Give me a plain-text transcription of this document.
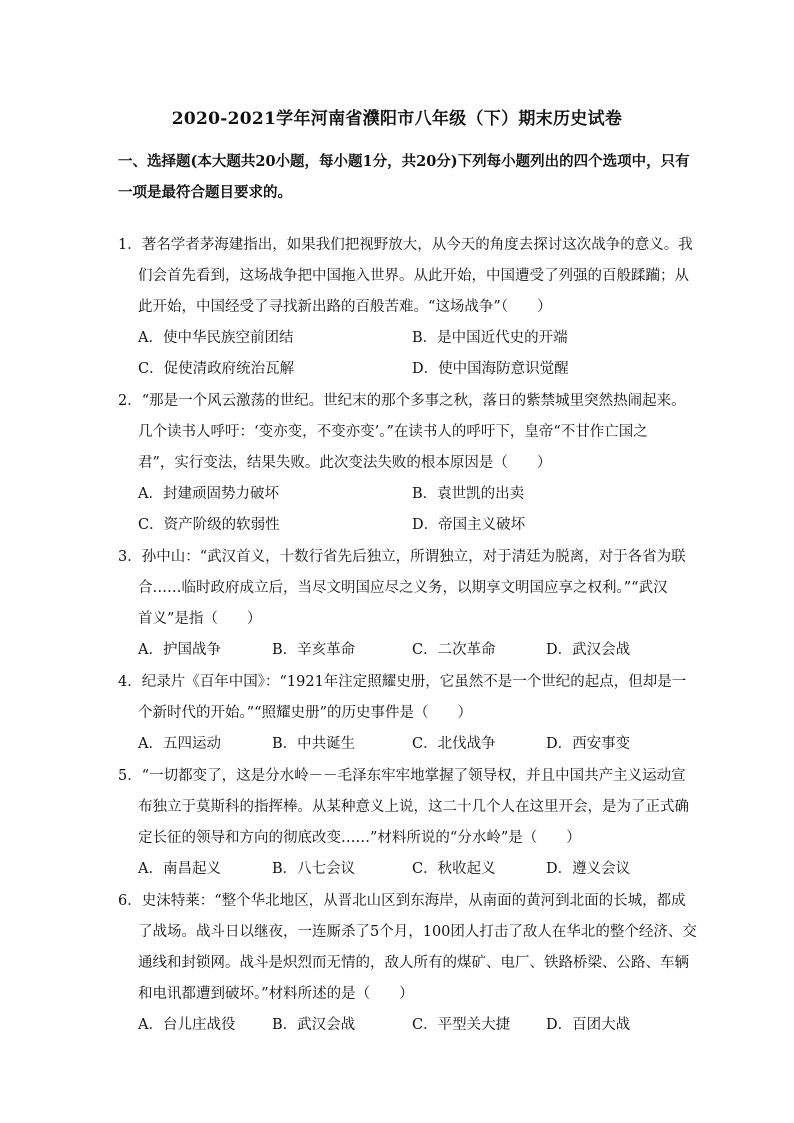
2020-2021学年河南省濮阳市八年级（下）期末历史试卷
一、选择题(本大题共20小题，每小题1分，共20分)下列每小题列出的四个选项中，只有
一项是最符合题目要求的。
1．著名学者茅海建指出，如果我们把视野放大，从今天的角度去探讨这次战争的意义。我
们会首先看到，这场战争把中国拖入世界。从此开始，中国遭受了列强的百般蹂躏；从
此开始，中国经受了寻找新出路的百般苦难。“这场战争”（　　）
A．使中华民族空前团结	B．是中国近代史的开端
C．促使清政府统治瓦解	D．使中国海防意识觉醒
2．“那是一个风云激荡的世纪。世纪末的那个多事之秋，落日的紫禁城里突然热闹起来。
几个读书人呼吁：‘变亦变，不变亦变’。”在读书人的呼吁下，皇帝“不甘作亡国之
君”，实行变法，结果失败。此次变法失败的根本原因是（　　）
A．封建顽固势力破坏	B．袁世凯的出卖
C．资产阶级的软弱性	D．帝国主义破坏
3．孙中山：“武汉首义，十数行省先后独立，所谓独立，对于清廷为脱离，对于各省为联
合……临时政府成立后，当尽文明国应尽之义务，以期享文明国应享之权利。”“武汉
首义”是指（　　）
A．护国战争	B．辛亥革命	C．二次革命	D．武汉会战
4．纪录片《百年中国》：“1921年注定照耀史册，它虽然不是一个世纪的起点，但却是一
个新时代的开始。”“照耀史册”的历史事件是（　　）
A．五四运动	B．中共诞生	C．北伐战争	D．西安事变
5．“一切都变了，这是分水岭－－毛泽东牢牢地掌握了领导权，并且中国共产主义运动宣
布独立于莫斯科的指挥棒。从某种意义上说，这二十几个人在这里开会，是为了正式确
定长征的领导和方向的彻底改变……”材料所说的“分水岭”是（　　）
A．南昌起义	B．八七会议	C．秋收起义	D．遵义会议
6．史沫特莱：“整个华北地区，从晋北山区到东海岸，从南面的黄河到北面的长城，都成
了战场。战斗日以继夜，一连厮杀了5个月，100团人打击了敌人在华北的整个经济、交
通线和封锁网。战斗是炽烈而无情的，敌人所有的煤矿、电厂、铁路桥梁、公路、车辆
和电讯都遭到破坏。”材料所述的是（　　）
A．台儿庄战役	B．武汉会战	C．平型关大捷 D．百团大战
